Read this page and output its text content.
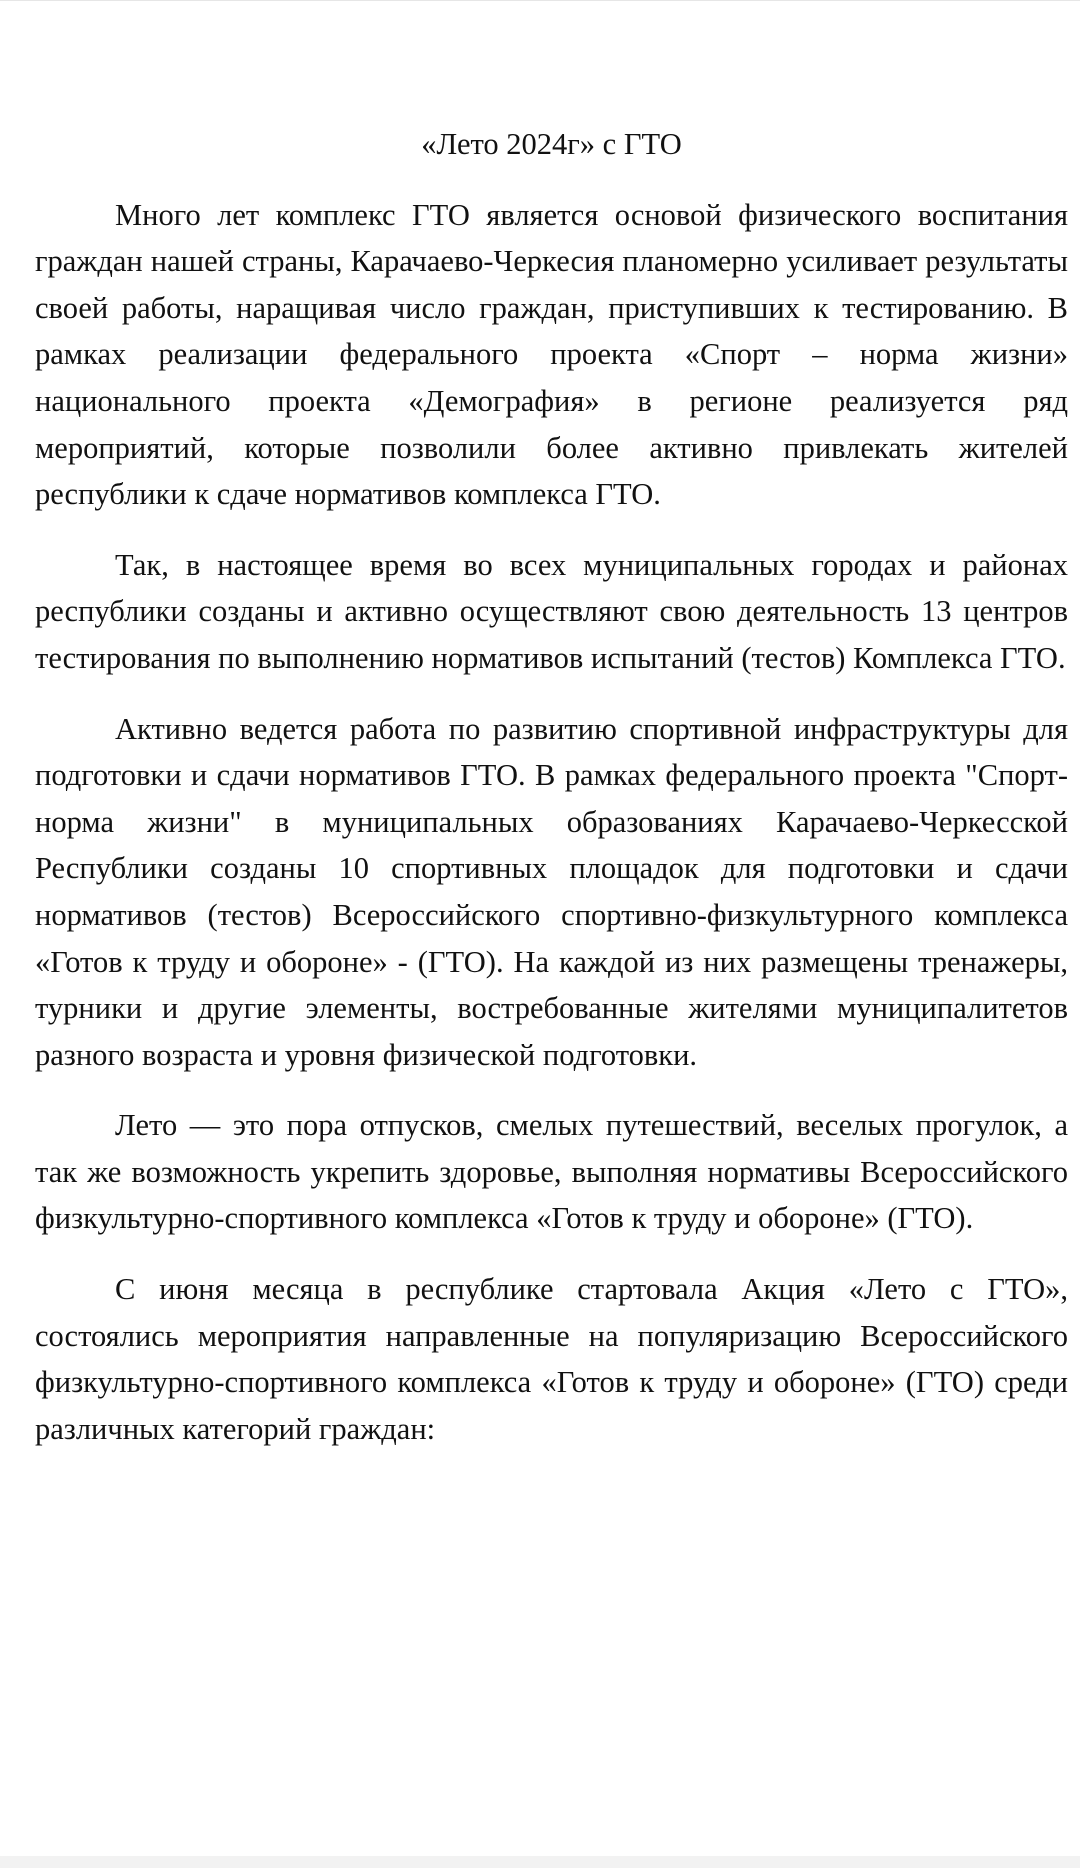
«Лето 2024г» с ГТО

Много лет комплекс ГТО является основой физического воспитания граждан нашей страны, Карачаево-Черкесия планомерно усиливает результаты своей работы, наращивая число граждан, приступивших к тестированию. В рамках реализации федерального проекта «Спорт – норма жизни» национального проекта «Демография» в регионе реализуется ряд мероприятий, которые позволили более активно привлекать жителей республики к сдаче нормативов комплекса ГТО.

Так, в настоящее время во всех муниципальных городах и районах республики созданы и активно осуществляют свою деятельность 13 центров тестирования по выполнению нормативов испытаний (тестов) Комплекса ГТО.

Активно ведется работа по развитию спортивной инфраструктуры для подготовки и сдачи нормативов ГТО. В рамках федерального проекта "Спорт-норма жизни" в муниципальных образованиях Карачаево-Черкесской Республики созданы 10 спортивных площадок для подготовки и сдачи нормативов (тестов) Всероссийского спортивно-физкультурного комплекса «Готов к труду и обороне» - (ГТО). На каждой из них размещены тренажеры, турники и другие элементы, востребованные жителями муниципалитетов разного возраста и уровня физической подготовки.

Лето — это пора отпусков, смелых путешествий, веселых прогулок, а так же возможность укрепить здоровье, выполняя нормативы Всероссийского физкультурно-спортивного комплекса «Готов к труду и обороне» (ГТО).

С июня месяца в республике стартовала Акция «Лето с ГТО», состоялись мероприятия направленные на популяризацию Всероссийского физкультурно-спортивного комплекса «Готов к труду и обороне» (ГТО) среди различных категорий граждан:
